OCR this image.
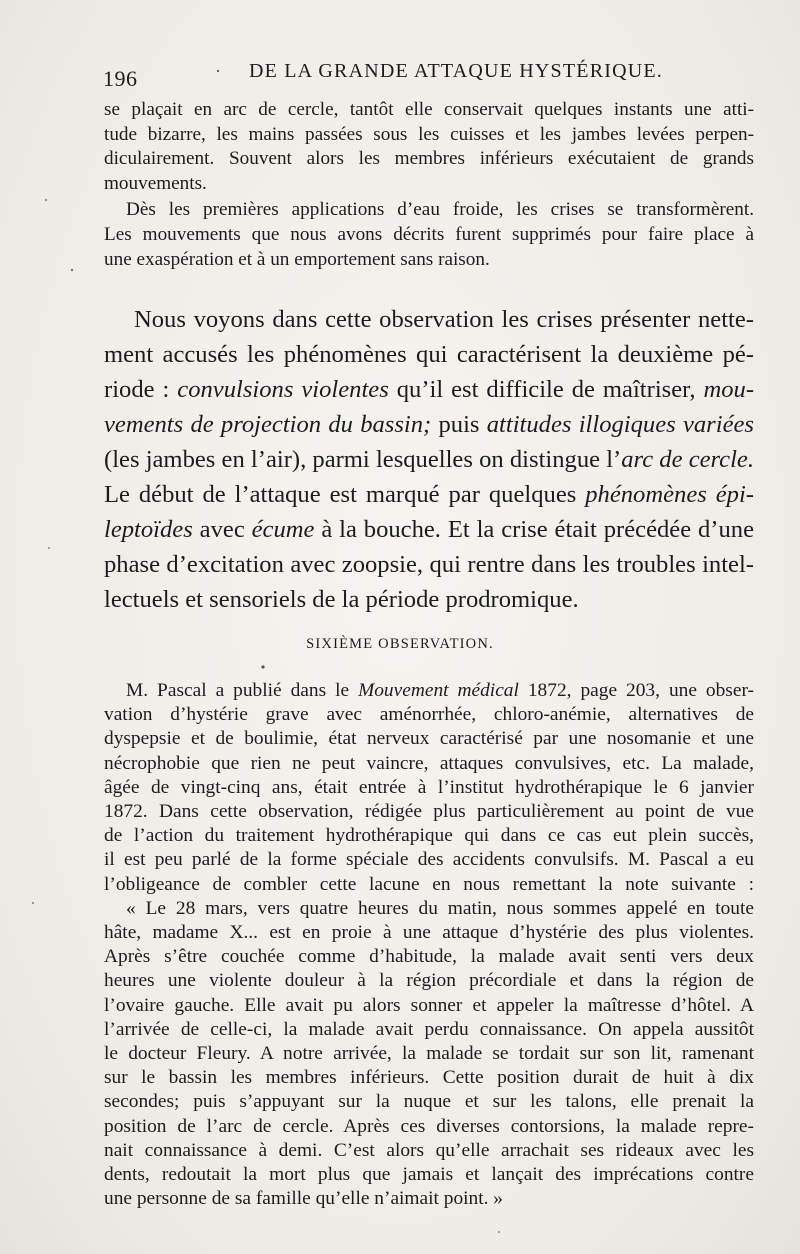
196	DE LA GRANDE ATTAQUE HYSTÉRIQUE.

se plaçait en arc de cercle, tantôt elle conservait quelques instants une atti-
tude bizarre, les mains passées sous les cuisses et les jambes levées perpen-
diculairement. Souvent alors les membres inférieurs exécutaient de grands
mouvements.

Dès les premières applications d’eau froide, les crises se transformèrent.
Les mouvements que nous avons décrits furent supprimés pour faire place à
une exaspération et à un emportement sans raison.

Nous voyons dans cette observation les crises présenter nette-
ment accusés les phénomènes qui caractérisent la deuxième pé-
riode : convulsions violentes qu’il est difficile de maîtriser, mou-
vements de projection du bassin; puis attitudes illogiques variées
(les jambes en l’air), parmi lesquelles on distingue l’arc de cercle.
Le début de l’attaque est marqué par quelques phénomènes épi-
leptoïdes avec écume à la bouche. Et la crise était précédée d’une
phase d’excitation avec zoopsie, qui rentre dans les troubles intel-
lectuels et sensoriels de la période prodromique.
SIXIÈME OBSERVATION.
M. Pascal a publié dans le Mouvement médical 1872, page 203, une obser-
vation d’hystérie grave avec aménorrhée, chloro-anémie, alternatives de
dyspepsie et de boulimie, état nerveux caractérisé par une nosomanie et une
nécrophobie que rien ne peut vaincre, attaques convulsives, etc. La malade,
âgée de vingt-cinq ans, était entrée à l’institut hydrothérapique le 6 janvier
1872. Dans cette observation, rédigée plus particulièrement au point de vue
de l’action du traitement hydrothérapique qui dans ce cas eut plein succès,
il est peu parlé de la forme spéciale des accidents convulsifs. M. Pascal a eu
l’obligeance de combler cette lacune en nous remettant la note suivante :
« Le 28 mars, vers quatre heures du matin, nous sommes appelé en toute
hâte, madame X... est en proie à une attaque d’hystérie des plus violentes.
Après s’être couchée comme d’habitude, la malade avait senti vers deux
heures une violente douleur à la région précordiale et dans la région de
l’ovaire gauche. Elle avait pu alors sonner et appeler la maîtresse d’hôtel. A
l’arrivée de celle-ci, la malade avait perdu connaissance. On appela aussitôt
le docteur Fleury. A notre arrivée, la malade se tordait sur son lit, ramenant
sur le bassin les membres inférieurs. Cette position durait de huit à dix
secondes; puis s’appuyant sur la nuque et sur les talons, elle prenait la
position de l’arc de cercle. Après ces diverses contorsions, la malade repre-
nait connaissance à demi. C’est alors qu’elle arrachait ses rideaux avec les
dents, redoutait la mort plus que jamais et lançait des imprécations contre
une personne de sa famille qu’elle n’aimait point. »
